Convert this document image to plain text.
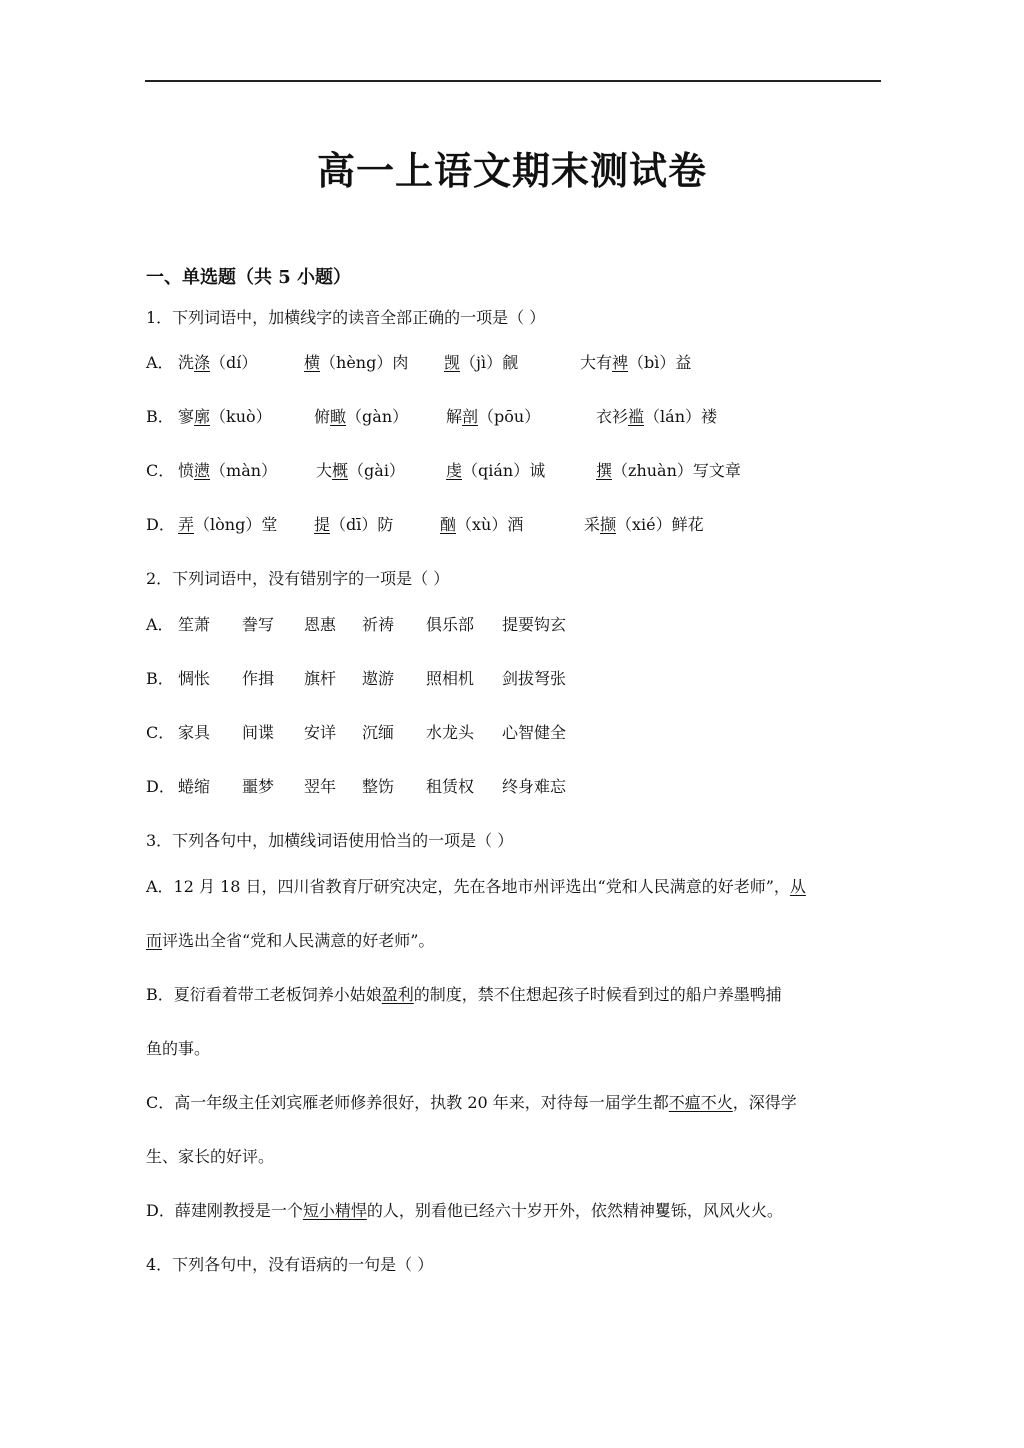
高一上语文期末测试卷
一、单选题（共 5 小题）
1．下列词语中，加横线字的读音全部正确的一项是（ ）
A． 洗涤（dí）	横（hèng）肉 觊（jì）觎	大有裨（bì）益
B． 寥廓（kuò）	俯瞰（gàn） 解剖（pōu）	衣衫褴（lán）褛
C． 愤懑（màn） 大概（gài）	虔（qián）诚	撰（zhuàn）写文章
D． 弄（lòng）堂 提（dī）防	酗（xù）酒	采撷（xié）鲜花
2．下列词语中，没有错别字的一项是（ ）
A． 笙萧 誊写 恩惠 祈祷 俱乐部 提要钩玄
B． 惆怅 作揖 旗杆 遨游 照相机 剑拔弩张
C． 家具 间谍 安详 沉缅 水龙头 心智健全
D． 蜷缩 噩梦 翌年 整饬 租赁权 终身难忘
3．下列各句中，加横线词语使用恰当的一项是（ ）
A．12 月 18 日，四川省教育厅研究决定，先在各地市州评选出“党和人民满意的好老师”，从
而评选出全省“党和人民满意的好老师”。
B．夏衍看着带工老板饲养小姑娘盈利的制度，禁不住想起孩子时候看到过的船户养墨鸭捕
鱼的事。
C．高一年级主任刘宾雁老师修养很好，执教 20 年来，对待每一届学生都不瘟不火，深得学
生、家长的好评。
D．薛建刚教授是一个短小精悍的人，别看他已经六十岁开外，依然精神矍铄，风风火火。
4．下列各句中，没有语病的一句是（ ）
